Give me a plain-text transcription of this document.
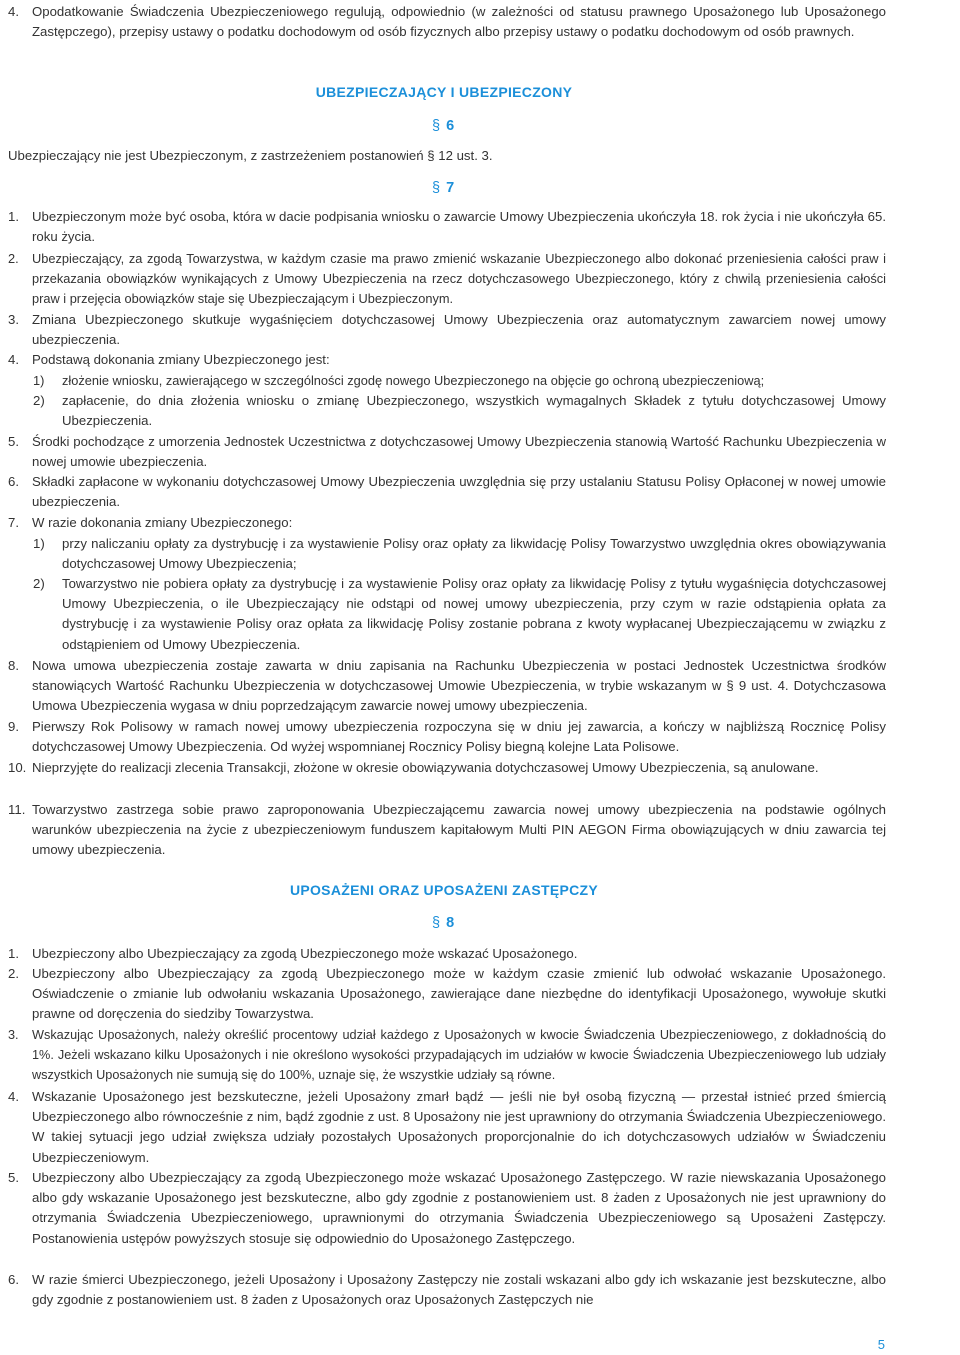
4. Opodatkowanie Świadczenia Ubezpieczeniowego regulują, odpowiednio (w zależności od statusu prawnego Uposażonego lub Uposażonego Zastępczego), przepisy ustawy o podatku dochodowym od osób fizycznych albo przepisy ustawy o podatku dochodowym od osób prawnych.
UBEZPIECZAJĄCY I UBEZPIECZONY
§ 6
Ubezpieczający nie jest Ubezpieczonym, z zastrzeżeniem postanowień § 12 ust. 3.
§ 7
1. Ubezpieczonym może być osoba, która w dacie podpisania wniosku o zawarcie Umowy Ubezpieczenia ukończyła 18. rok życia i nie ukończyła 65. roku życia.
2. Ubezpieczający, za zgodą Towarzystwa, w każdym czasie ma prawo zmienić wskazanie Ubezpieczonego albo dokonać przeniesienia całości praw i przekazania obowiązków wynikających z Umowy Ubezpieczenia na rzecz dotychczasowego Ubezpieczonego, który z chwilą przeniesienia całości praw i przejęcia obowiązków staje się Ubezpieczającym i Ubezpieczonym.
3. Zmiana Ubezpieczonego skutkuje wygaśnięciem dotychczasowej Umowy Ubezpieczenia oraz automatycznym zawarciem nowej umowy ubezpieczenia.
4. Podstawą dokonania zmiany Ubezpieczonego jest:
1) złożenie wniosku, zawierającego w szczególności zgodę nowego Ubezpieczonego na objęcie go ochroną ubezpieczeniową;
2) zapłacenie, do dnia złożenia wniosku o zmianę Ubezpieczonego, wszystkich wymagalnych Składek z tytułu dotychczasowej Umowy Ubezpieczenia.
5. Środki pochodzące z umorzenia Jednostek Uczestnictwa z dotychczasowej Umowy Ubezpieczenia stanowią Wartość Rachunku Ubezpieczenia w nowej umowie ubezpieczenia.
6. Składki zapłacone w wykonaniu dotychczasowej Umowy Ubezpieczenia uwzględnia się przy ustalaniu Statusu Polisy Opłaconej w nowej umowie ubezpieczenia.
7. W razie dokonania zmiany Ubezpieczonego:
1) przy naliczaniu opłaty za dystrybucję i za wystawienie Polisy oraz opłaty za likwidację Polisy Towarzystwo uwzględnia okres obowiązywania dotychczasowej Umowy Ubezpieczenia;
2) Towarzystwo nie pobiera opłaty za dystrybucję i za wystawienie Polisy oraz opłaty za likwidację Polisy z tytułu wygaśnięcia dotychczasowej Umowy Ubezpieczenia, o ile Ubezpieczający nie odstąpi od nowej umowy ubezpieczenia, przy czym w razie odstąpienia opłata za dystrybucję i za wystawienie Polisy oraz opłata za likwidację Polisy zostanie pobrana z kwoty wypłacanej Ubezpieczającemu w związku z odstąpieniem od Umowy Ubezpieczenia.
8. Nowa umowa ubezpieczenia zostaje zawarta w dniu zapisania na Rachunku Ubezpieczenia w postaci Jednostek Uczestnictwa środków stanowiących Wartość Rachunku Ubezpieczenia w dotychczasowej Umowie Ubezpieczenia, w trybie wskazanym w § 9 ust. 4. Dotychczasowa Umowa Ubezpieczenia wygasa w dniu poprzedzającym zawarcie nowej umowy ubezpieczenia.
9. Pierwszy Rok Polisowy w ramach nowej umowy ubezpieczenia rozpoczyna się w dniu jej zawarcia, a kończy w najbliższą Rocznicę Polisy dotychczasowej Umowy Ubezpieczenia. Od wyżej wspomnianej Rocznicy Polisy biegną kolejne Lata Polisowe.
10. Nieprzyjęte do realizacji zlecenia Transakcji, złożone w okresie obowiązywania dotychczasowej Umowy Ubezpieczenia, są anulowane.
11. Towarzystwo zastrzega sobie prawo zaproponowania Ubezpieczającemu zawarcia nowej umowy ubezpieczenia na podstawie ogólnych warunków ubezpieczenia na życie z ubezpieczeniowym funduszem kapitałowym Multi PIN AEGON Firma obowiązujących w dniu zawarcia tej umowy ubezpieczenia.
UPOSAŻENI ORAZ UPOSAŻENI ZASTĘPCZY
§ 8
1. Ubezpieczony albo Ubezpieczający za zgodą Ubezpieczonego może wskazać Uposażonego.
2. Ubezpieczony albo Ubezpieczający za zgodą Ubezpieczonego może w każdym czasie zmienić lub odwołać wskazanie Uposażonego. Oświadczenie o zmianie lub odwołaniu wskazania Uposażonego, zawierające dane niezbędne do identyfikacji Uposażonego, wywołuje skutki prawne od doręczenia do siedziby Towarzystwa.
3. Wskazując Uposażonych, należy określić procentowy udział każdego z Uposażonych w kwocie Świadczenia Ubezpieczeniowego, z dokładnością do 1%. Jeżeli wskazano kilku Uposażonych i nie określono wysokości przypadających im udziałów w kwocie Świadczenia Ubezpieczeniowego lub udziały wszystkich Uposażonych nie sumują się do 100%, uznaje się, że wszystkie udziały są równe.
4. Wskazanie Uposażonego jest bezskuteczne, jeżeli Uposażony zmarł bądź — jeśli nie był osobą fizyczną — przestał istnieć przed śmiercią Ubezpieczonego albo równocześnie z nim, bądź zgodnie z ust. 8 Uposażony nie jest uprawniony do otrzymania Świadczenia Ubezpieczeniowego. W takiej sytuacji jego udział zwiększa udziały pozostałych Uposażonych proporcjonalnie do ich dotychczasowych udziałów w Świadczeniu Ubezpieczeniowym.
5. Ubezpieczony albo Ubezpieczający za zgodą Ubezpieczonego może wskazać Uposażonego Zastępczego. W razie niewskazania Uposażonego albo gdy wskazanie Uposażonego jest bezskuteczne, albo gdy zgodnie z postanowieniem ust. 8 żaden z Uposażonych nie jest uprawniony do otrzymania Świadczenia Ubezpieczeniowego, uprawnionymi do otrzymania Świadczenia Ubezpieczeniowego są Uposażeni Zastępczy. Postanowienia ustępów powyższych stosuje się odpowiednio do Uposażonego Zastępczego.
6. W razie śmierci Ubezpieczonego, jeżeli Uposażony i Uposażony Zastępczy nie zostali wskazani albo gdy ich wskazanie jest bezskuteczne, albo gdy zgodnie z postanowieniem ust. 8 żaden z Uposażonych oraz Uposażonych Zastępczych nie
5
